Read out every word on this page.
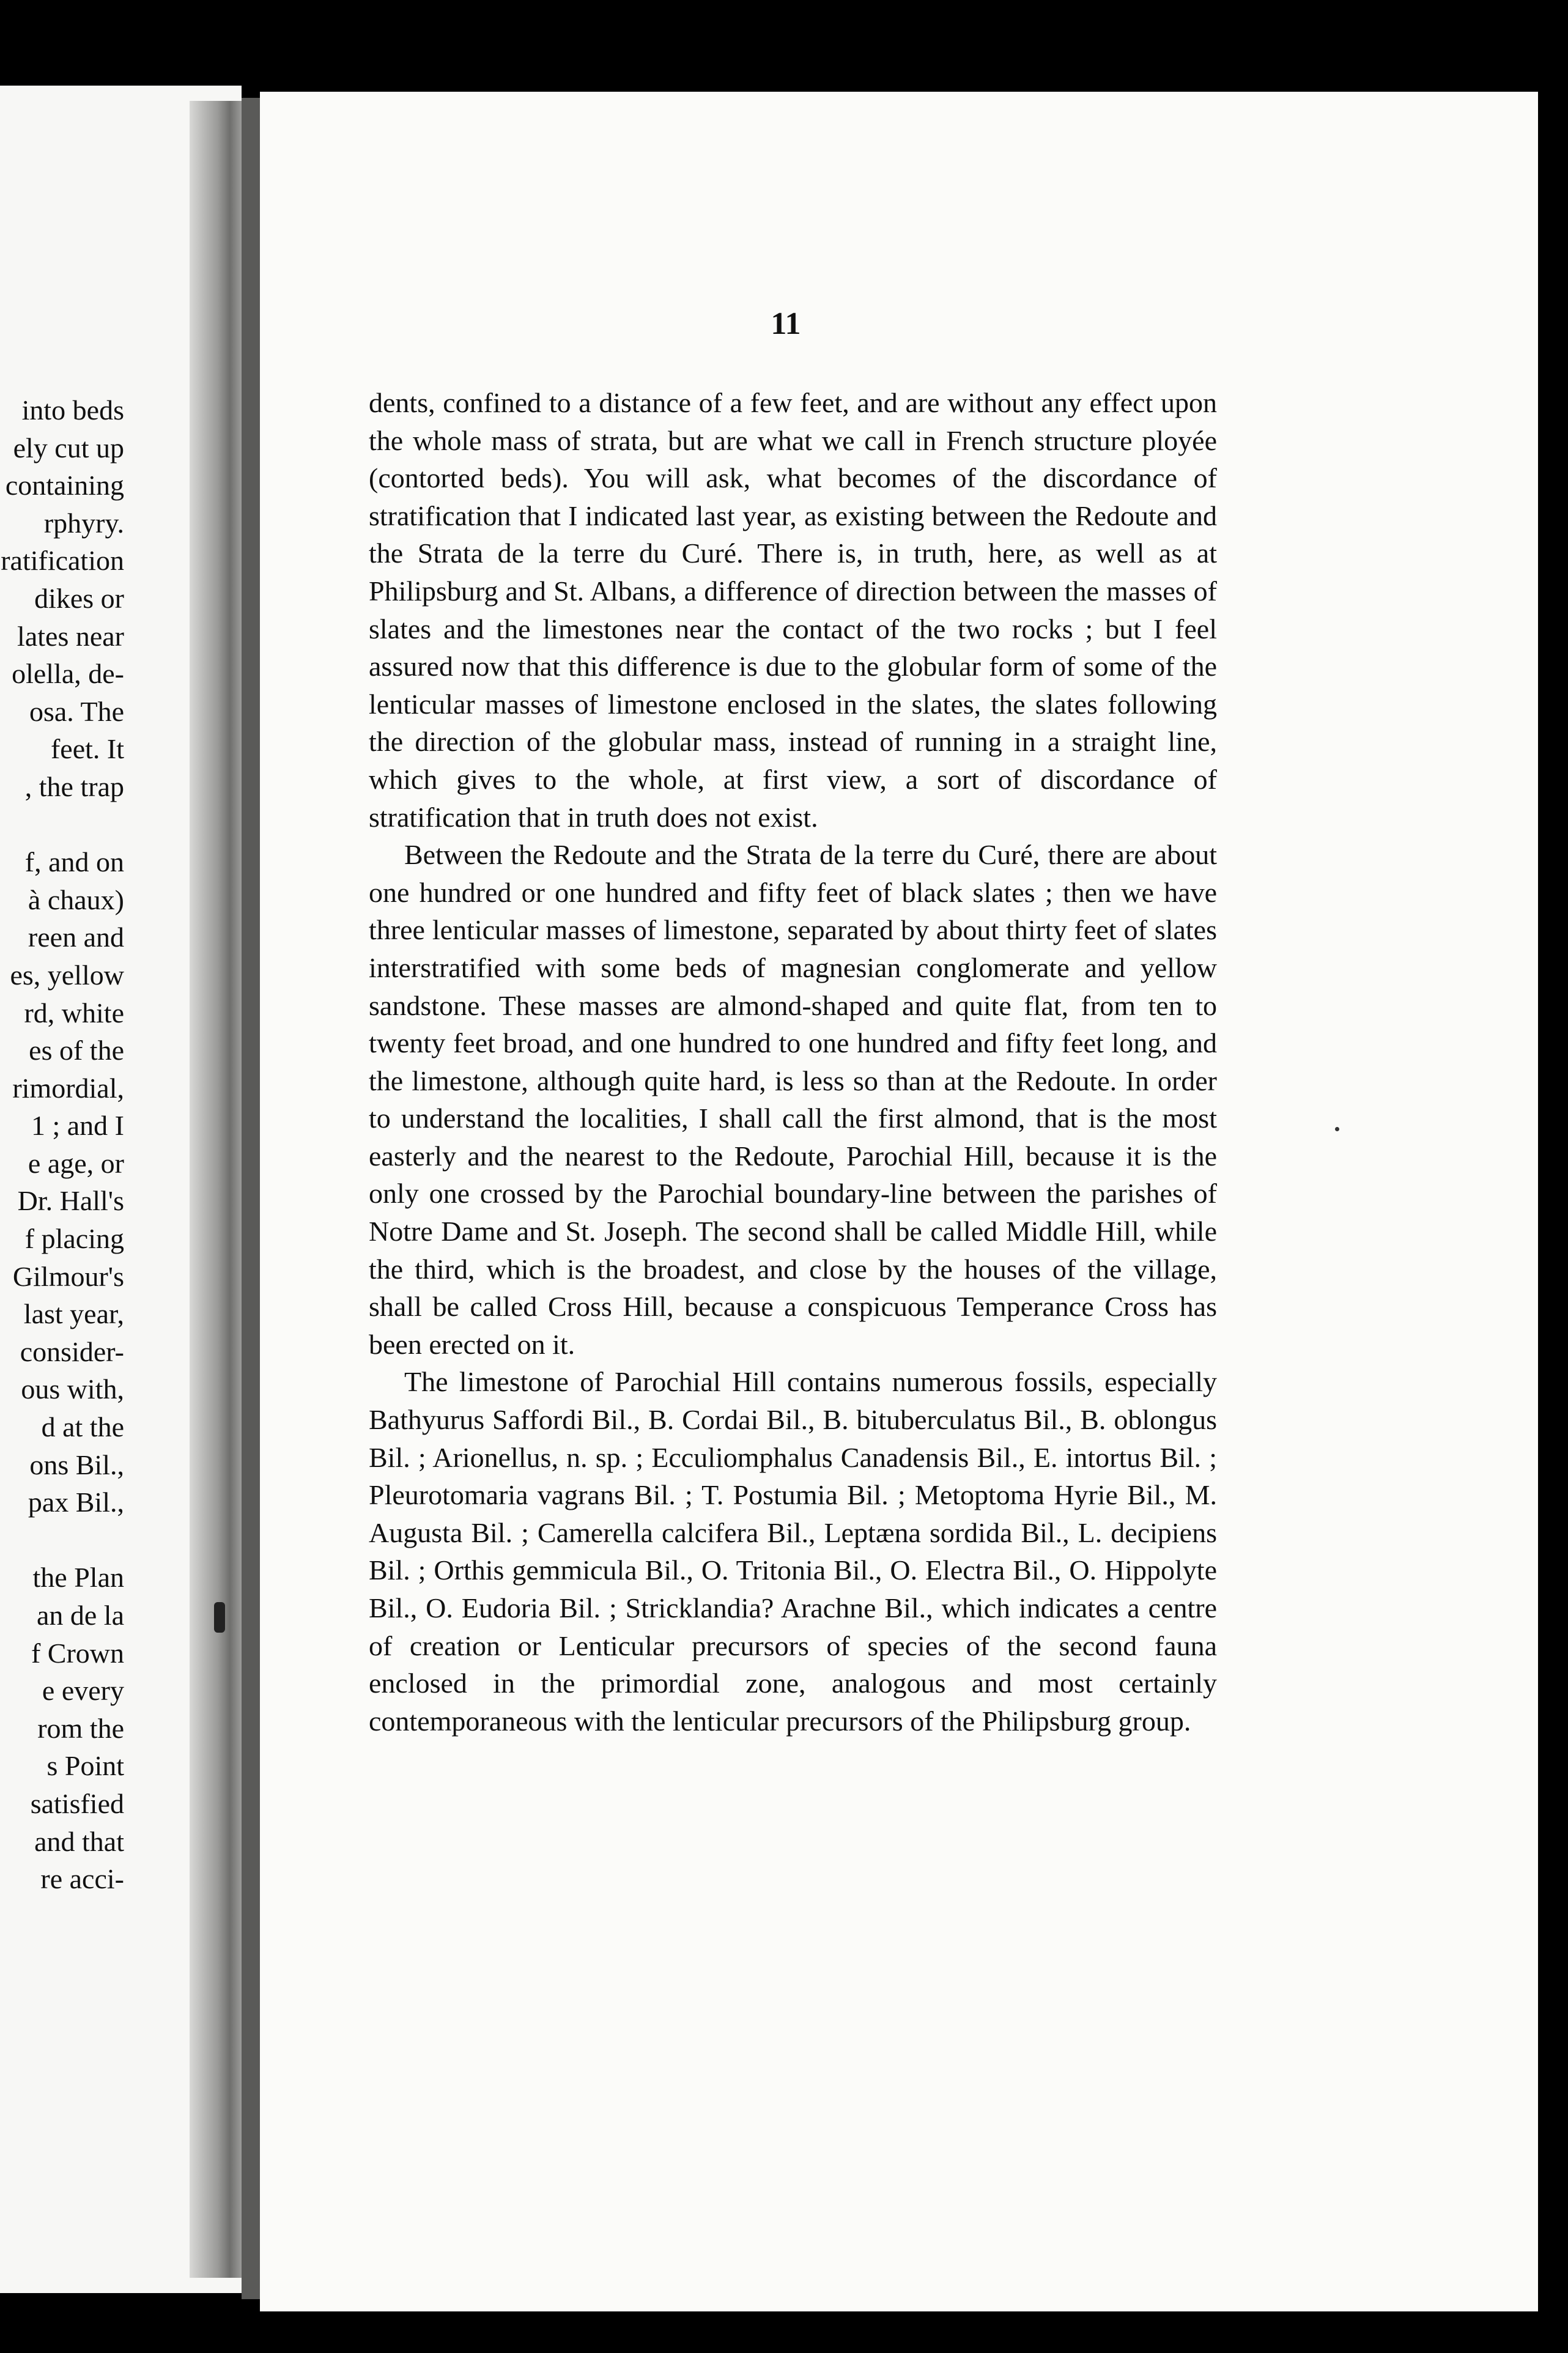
into beds
ely cut up
containing
rphyry.
ratification
dikes or
lates near
olella, de-
osa. The
feet. It
, the trap
f, and on
à chaux)
reen and
es, yellow
rd, white
es of the
rimordial,
1 ; and I
e age, or
Dr. Hall's
f placing
Gilmour's
last year,
consider-
ous with,
d at the
ons Bil.,
pax Bil.,
the Plan
an de la
f Crown
e every
rom the
s Point
satisfied
and that
re acci-
11

dents, confined to a distance of a few feet, and are without any effect upon the whole mass of strata, but are what we call in French structure ployée (contorted beds). You will ask, what becomes of the discordance of stratification that I indicated last year, as existing between the Redoute and the Strata de la terre du Curé. There is, in truth, here, as well as at Philipsburg and St. Albans, a difference of direction between the masses of slates and the limestones near the contact of the two rocks ; but I feel assured now that this difference is due to the globular form of some of the lenticular masses of limestone enclosed in the slates, the slates following the direction of the globular mass, instead of running in a straight line, which gives to the whole, at first view, a sort of discordance of stratification that in truth does not exist.

Between the Redoute and the Strata de la terre du Curé, there are about one hundred or one hundred and fifty feet of black slates ; then we have three lenticular masses of limestone, separated by about thirty feet of slates interstratified with some beds of magnesian conglomerate and yellow sandstone. These masses are almond-shaped and quite flat, from ten to twenty feet broad, and one hundred to one hundred and fifty feet long, and the limestone, although quite hard, is less so than at the Redoute. In order to understand the localities, I shall call the first almond, that is the most easterly and the nearest to the Redoute, Parochial Hill, because it is the only one crossed by the Parochial boundary-line between the parishes of Notre Dame and St. Joseph. The second shall be called Middle Hill, while the third, which is the broadest, and close by the houses of the village, shall be called Cross Hill, because a conspicuous Temperance Cross has been erected on it.

The limestone of Parochial Hill contains numerous fossils, especially Bathyurus Saffordi Bil., B. Cordai Bil., B. bituberculatus Bil., B. oblongus Bil. ; Arionellus, n. sp. ; Ecculiomphalus Canadensis Bil., E. intortus Bil. ; Pleurotomaria vagrans Bil. ; T. Postumia Bil. ; Metoptoma Hyrie Bil., M. Augusta Bil. ; Camerella calcifera Bil., Leptæna sordida Bil., L. decipiens Bil. ; Orthis gemmicula Bil., O. Tritonia Bil., O. Electra Bil., O. Hippolyte Bil., O. Eudoria Bil. ; Stricklandia? Arachne Bil., which indicates a centre of creation or Lenticular precursors of species of the second fauna enclosed in the primordial zone, analogous and most certainly contemporaneous with the lenticular precursors of the Philipsburg group.
